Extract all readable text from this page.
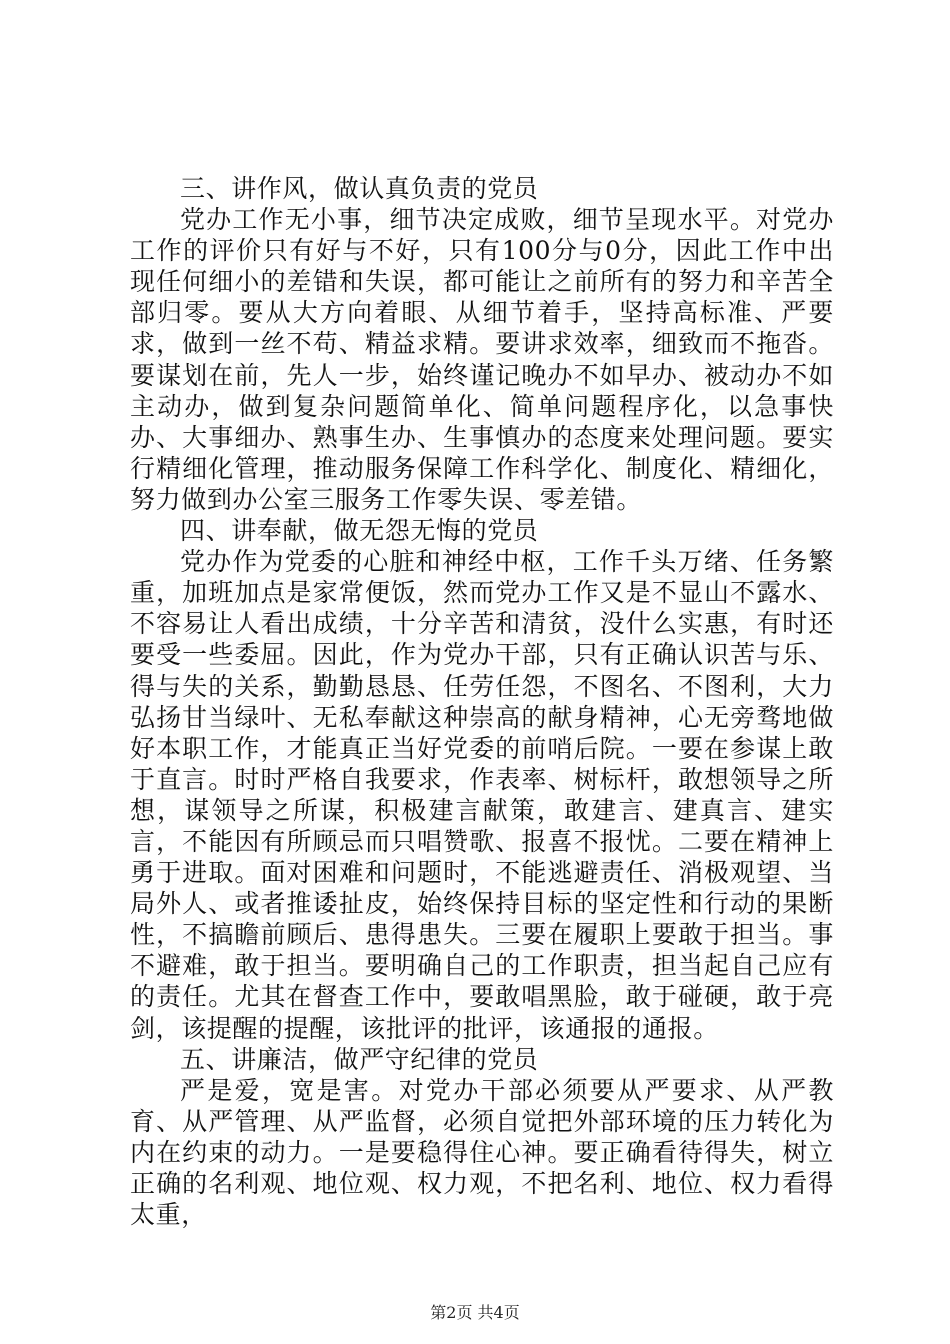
三、讲作风，做认真负责的党员

党办工作无小事，细节决定成败，细节呈现水平。对党办工作的评价只有好与不好，只有100分与0分，因此工作中出现任何细小的差错和失误，都可能让之前所有的努力和辛苦全部归零。要从大方向着眼、从细节着手，坚持高标准、严要求，做到一丝不苟、精益求精。要讲求效率，细致而不拖沓。要谋划在前，先人一步，始终谨记晚办不如早办、被动办不如主动办，做到复杂问题简单化、简单问题程序化，以急事快办、大事细办、熟事生办、生事慎办的态度来处理问题。要实行精细化管理，推动服务保障工作科学化、制度化、精细化，努力做到办公室三服务工作零失误、零差错。

四、讲奉献，做无怨无悔的党员

党办作为党委的心脏和神经中枢，工作千头万绪、任务繁重，加班加点是家常便饭，然而党办工作又是不显山不露水、不容易让人看出成绩，十分辛苦和清贫，没什么实惠，有时还要受一些委屈。因此，作为党办干部，只有正确认识苦与乐、得与失的关系，勤勤恳恳、任劳任怨，不图名、不图利，大力弘扬甘当绿叶、无私奉献这种崇高的献身精神，心无旁骛地做好本职工作，才能真正当好党委的前哨后院。一要在参谋上敢于直言。时时严格自我要求，作表率、树标杆，敢想领导之所想，谋领导之所谋，积极建言献策，敢建言、建真言、建实言，不能因有所顾忌而只唱赞歌、报喜不报忧。二要在精神上勇于进取。面对困难和问题时，不能逃避责任、消极观望、当局外人、或者推诿扯皮，始终保持目标的坚定性和行动的果断性，不搞瞻前顾后、患得患失。三要在履职上要敢于担当。事不避难，敢于担当。要明确自己的工作职责，担当起自己应有的责任。尤其在督查工作中，要敢唱黑脸，敢于碰硬，敢于亮剑，该提醒的提醒，该批评的批评，该通报的通报。

五、讲廉洁，做严守纪律的党员

严是爱，宽是害。对党办干部必须要从严要求、从严教育、从严管理、从严监督，必须自觉把外部环境的压力转化为内在约束的动力。一是要稳得住心神。要正确看待得失，树立正确的名利观、地位观、权力观，不把名利、地位、权力看得太重，

第2页 共4页
